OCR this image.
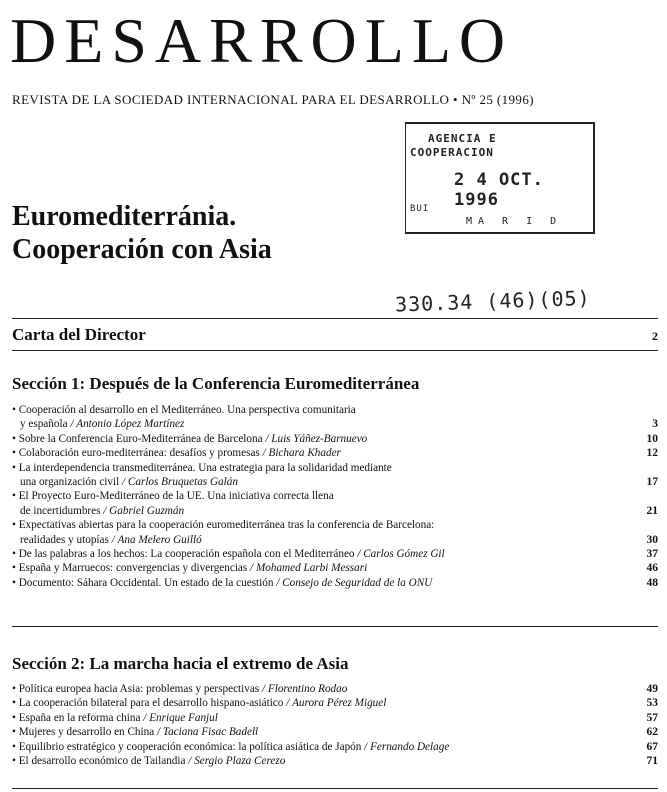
DESARROLLO
REVISTA DE LA SOCIEDAD INTERNACIONAL PARA EL DESARROLLO • Nº 25 (1996)
AGENCIA E
COOPERACION
2 4 OCT. 1996
BUI
MA R I D
Euromediterránia.
Cooperación con Asia
330.34 (46)(05)
Carta del Director	2
Sección 1: Después de la Conferencia Euromediterránea
• Cooperación al desarrollo en el Mediterráneo. Una perspectiva comunitaria
y española / Antonio López Martínez	3
• Sobre la Conferencia Euro-Mediterránea de Barcelona / Luis Yáñez-Barnuevo	10
• Colaboración euro-mediterránea: desafíos y promesas / Bichara Khader	12
• La interdependencia transmediterránea. Una estrategia para la solidaridad mediante
una organización civil / Carlos Bruquetas Galán	17
• El Proyecto Euro-Mediterráneo de la UE. Una iniciativa correcta llena
de incertidumbres / Gabriel Guzmán	21
• Expectativas abiertas para la cooperación euromediterránea tras la conferencia de Barcelona:
realidades y utopías / Ana Melero Guilló	30
• De las palabras a los hechos: La cooperación española con el Mediterráneo / Carlos Gómez Gil	37
• España y Marruecos: convergencias y divergencias / Mohamed Larbi Messari	46
• Documento: Sáhara Occidental. Un estado de la cuestión / Consejo de Seguridad de la ONU	48
Sección 2: La marcha hacia el extremo de Asia
• Política europea hacia Asia: problemas y perspectivas / Florentino Rodao	49
• La cooperación bilateral para el desarrollo hispano-asiático / Aurora Pérez Miguel	53
• España en la reforma china / Enrique Fanjul	57
• Mujeres y desarrollo en China / Taciana Fisac Badell	62
• Equilibrio estratégico y cooperación económica: la política asiática de Japón / Fernando Delage	67
• El desarrollo económico de Tailandia / Sergio Plaza Cerezo	71
